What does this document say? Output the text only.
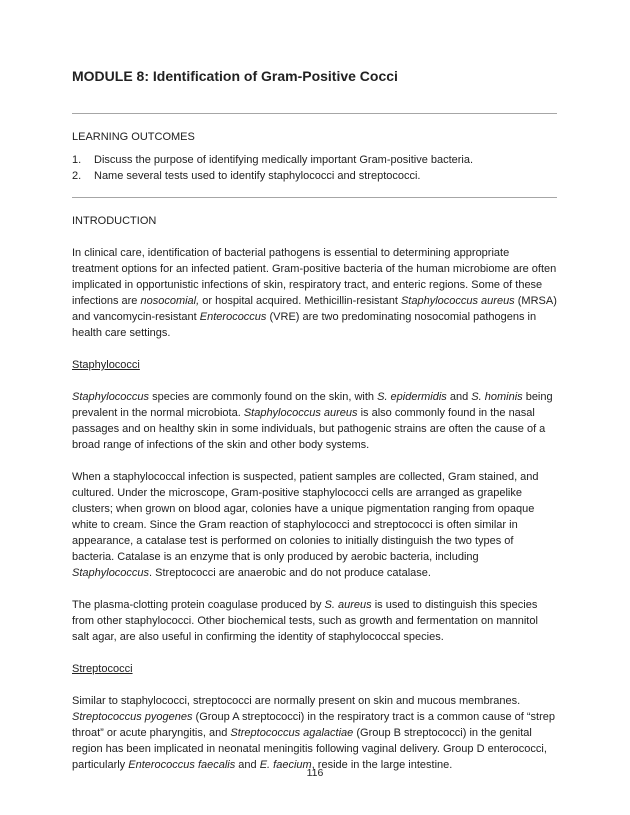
MODULE 8: Identification of Gram-Positive Cocci
LEARNING OUTCOMES
1.	Discuss the purpose of identifying medically important Gram-positive bacteria.
2.	Name several tests used to identify staphylococci and streptococci.
INTRODUCTION

In clinical care, identification of bacterial pathogens is essential to determining appropriate treatment options for an infected patient. Gram-positive bacteria of the human microbiome are often implicated in opportunistic infections of skin, respiratory tract, and enteric regions. Some of these infections are nosocomial, or hospital acquired. Methicillin-resistant Staphylococcus aureus (MRSA) and vancomycin-resistant Enterococcus (VRE) are two predominating nosocomial pathogens in health care settings.

Staphylococci

Staphylococcus species are commonly found on the skin, with S. epidermidis and S. hominis being prevalent in the normal microbiota. Staphylococcus aureus is also commonly found in the nasal passages and on healthy skin in some individuals, but pathogenic strains are often the cause of a broad range of infections of the skin and other body systems.

When a staphylococcal infection is suspected, patient samples are collected, Gram stained, and cultured. Under the microscope, Gram-positive staphylococci cells are arranged as grapelike clusters; when grown on blood agar, colonies have a unique pigmentation ranging from opaque white to cream. Since the Gram reaction of staphylococci and streptococci is often similar in appearance, a catalase test is performed on colonies to initially distinguish the two types of bacteria. Catalase is an enzyme that is only produced by aerobic bacteria, including Staphylococcus. Streptococci are anaerobic and do not produce catalase.

The plasma-clotting protein coagulase produced by S. aureus is used to distinguish this species from other staphylococci. Other biochemical tests, such as growth and fermentation on mannitol salt agar, are also useful in confirming the identity of staphylococcal species.

Streptococci

Similar to staphylococci, streptococci are normally present on skin and mucous membranes. Streptococcus pyogenes (Group A streptococci) in the respiratory tract is a common cause of “strep throat” or acute pharyngitis, and Streptococcus agalactiae (Group B streptococci) in the genital region has been implicated in neonatal meningitis following vaginal delivery. Group D enterococci, particularly Enterococcus faecalis and E. faecium, reside in the large intestine.

116
